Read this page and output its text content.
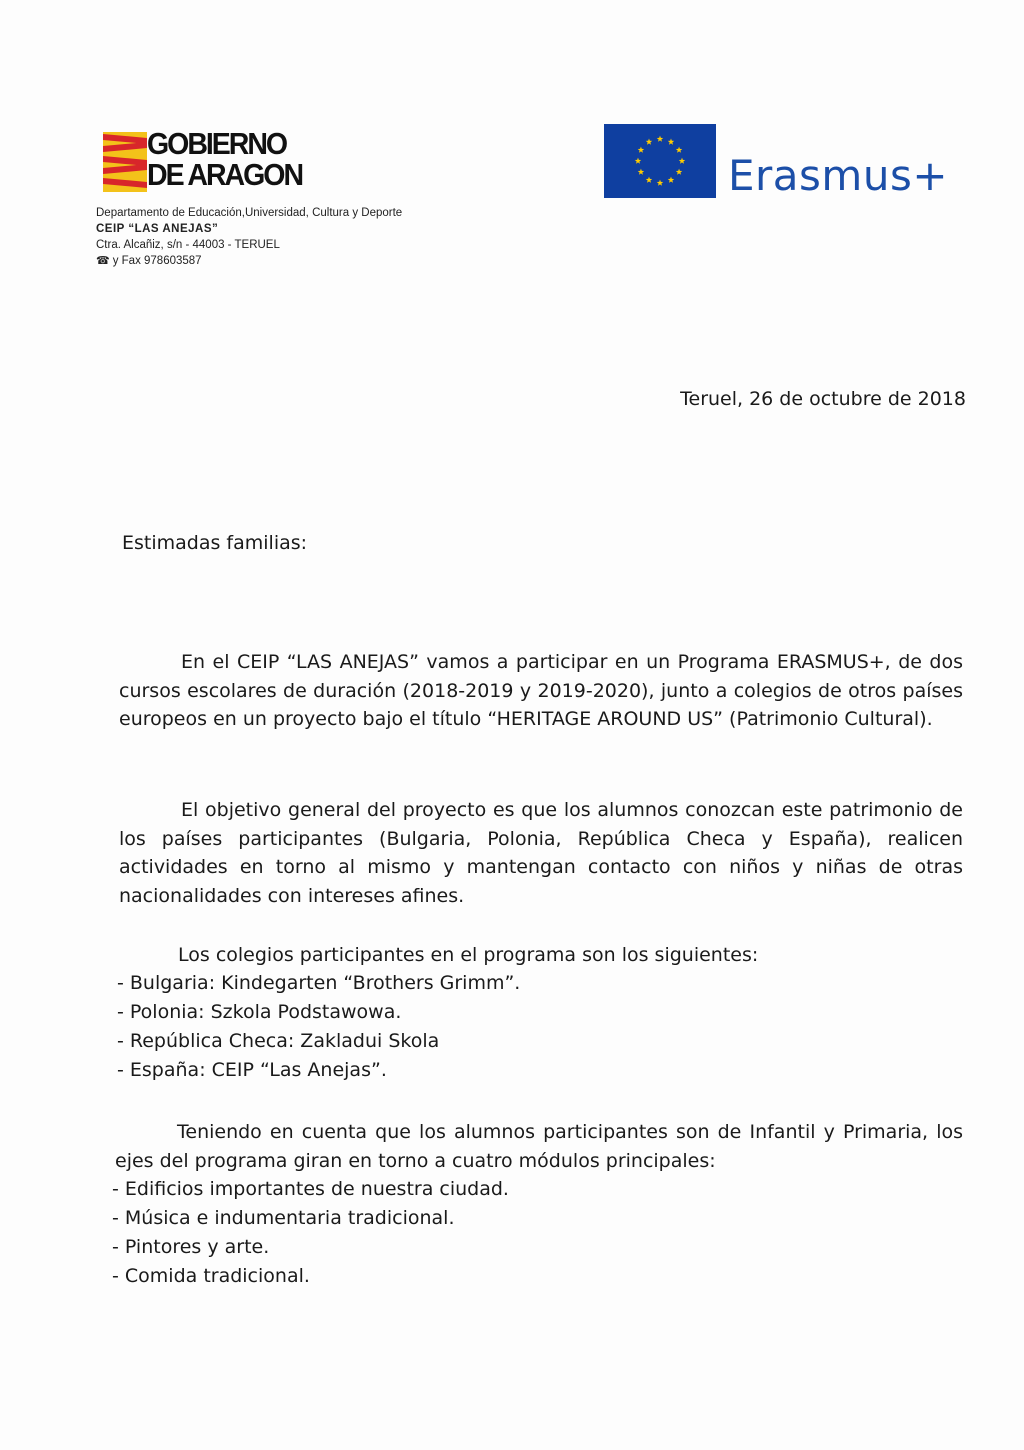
GOBIERNO
DE ARAGON
Departamento de Educación,Universidad, Cultura y Deporte
CEIP “LAS ANEJAS”
Ctra. Alcañiz, s/n - 44003 - TERUEL
☎ y Fax 978603587
Erasmus+
Teruel, 26 de octubre de 2018
Estimadas familias:

En el CEIP “LAS ANEJAS” vamos a participar en un Programa ERASMUS+, de dos cursos escolares de duración (2018-2019 y 2019-2020), junto a colegios de otros países europeos en un proyecto bajo el título “HERITAGE AROUND US” (Patrimonio Cultural).

El objetivo general del proyecto es que los alumnos conozcan este patrimonio de los países participantes (Bulgaria, Polonia, República Checa y España), realicen actividades en torno al mismo y mantengan contacto con niños y niñas de otras nacionalidades con intereses afines.

Los colegios participantes en el programa son los siguientes:
- Bulgaria: Kindegarten “Brothers Grimm”.
- Polonia: Szkola Podstawowa.
- República Checa: Zakladui Skola
- España: CEIP “Las Anejas”.

Teniendo en cuenta que los alumnos participantes son de Infantil y Primaria, los ejes del programa giran en torno a cuatro módulos principales:

- Edificios importantes de nuestra ciudad.
- Música e indumentaria tradicional.
- Pintores y arte.
- Comida tradicional.
